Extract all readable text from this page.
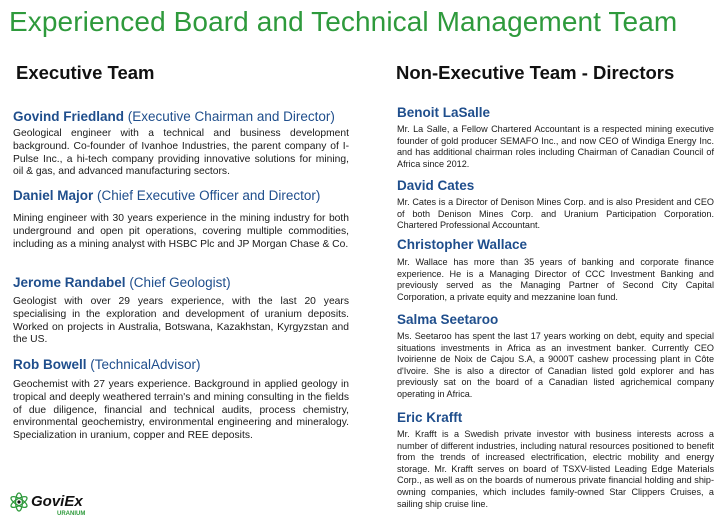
Experienced Board and Technical Management Team
Executive Team	Non-Executive Team - Directors
Govind Friedland (Executive Chairman and Director)
Geological engineer with a technical and business development background. Co-founder of Ivanhoe Industries, the parent company of I-Pulse Inc., a hi-tech company providing innovative solutions for mining, oil & gas, and advanced manufacturing sectors.
Daniel Major (Chief Executive Officer and Director)
Mining engineer with 30 years experience in the mining industry for both underground and open pit operations, covering multiple commodities, including as a mining analyst with HSBC Plc and JP Morgan Chase & Co.
Jerome Randabel (Chief Geologist)
Geologist with over 29 years experience, with the last 20 years specialising in the exploration and development of uranium deposits. Worked on projects in Australia, Botswana, Kazakhstan, Kyrgyzstan and the US.
Rob Bowell (TechnicalAdvisor)
Geochemist with 27 years experience. Background in applied geology in tropical and deeply weathered terrain's and mining consulting in the fields of due diligence, financial and technical audits, process chemistry, environmental geochemistry, environmental engineering and mineralogy. Specialization in uranium, copper and REE deposits.
Benoit LaSalle
Mr. La Salle, a Fellow Chartered Accountant is a respected mining executive founder of gold producer SEMAFO Inc., and now CEO of Windiga Energy Inc. and has additional chairman roles including Chairman of Canadian Council of Africa since 2012.
David Cates
Mr. Cates is a Director of Denison Mines Corp. and is also President and CEO of both Denison Mines Corp. and Uranium Participation Corporation. Chartered Professional Accountant.
Christopher Wallace
Mr. Wallace has more than 35 years of banking and corporate finance experience. He is a Managing Director of CCC Investment Banking and previously served as the Managing Partner of Second City Capital Corporation, a private equity and mezzanine loan fund.
Salma Seetaroo
Ms. Seetaroo has spent the last 17 years working on debt, equity and special situations investments in Africa as an investment banker. Currently CEO Ivoirienne de Noix de Cajou S.A, a 9000T cashew processing plant in Côte d'Ivoire. She is also a director of Canadian listed gold explorer and has previously sat on the board of a Canadian listed agrichemical company operating in Africa.
Eric Krafft
Mr. Krafft is a Swedish private investor with business interests across a number of different industries, including natural resources positioned to benefit from the trends of increased electrification, electric mobility and energy storage. Mr. Krafft serves on board of TSXV-listed Leading Edge Materials Corp., as well as on the boards of numerous private financial holding and ship-owning companies, which includes family-owned Star Clippers Cruises, a sailing ship cruise line.
GoviEx
URANIUM
